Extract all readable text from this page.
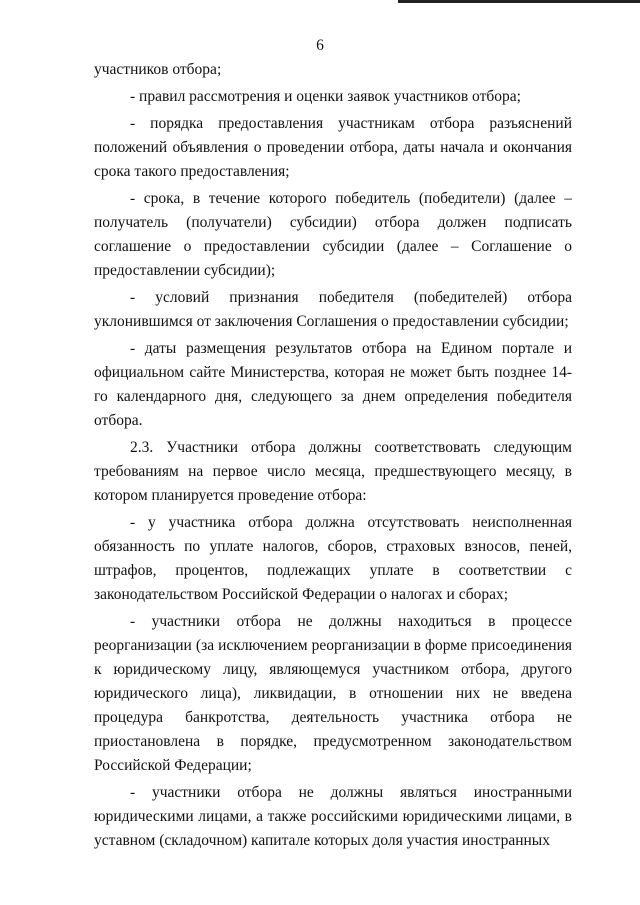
6

участников отбора;

- правил рассмотрения и оценки заявок участников отбора;

- порядка предоставления участникам отбора разъяснений положений объявления о проведении отбора, даты начала и окончания срока такого предоставления;

- срока, в течение которого победитель (победители) (далее – получатель (получатели) субсидии) отбора должен подписать соглашение о предоставлении субсидии (далее – Соглашение о предоставлении субсидии);

- условий признания победителя (победителей) отбора уклонившимся от заключения Соглашения о предоставлении субсидии;

- даты размещения результатов отбора на Едином портале и официальном сайте Министерства, которая не может быть позднее 14-го календарного дня, следующего за днем определения победителя отбора.

2.3. Участники отбора должны соответствовать следующим требованиям на первое число месяца, предшествующего месяцу, в котором планируется проведение отбора:

- у участника отбора должна отсутствовать неисполненная обязанность по уплате налогов, сборов, страховых взносов, пеней, штрафов, процентов, подлежащих уплате в соответствии с законодательством Российской Федерации о налогах и сборах;

- участники отбора не должны находиться в процессе реорганизации (за исключением реорганизации в форме присоединения к юридическому лицу, являющемуся участником отбора, другого юридического лица), ликвидации, в отношении них не введена процедура банкротства, деятельность участника отбора не приостановлена в порядке, предусмотренном законодательством Российской Федерации;

- участники отбора не должны являться иностранными юридическими лицами, а также российскими юридическими лицами, в уставном (складочном) капитале которых доля участия иностранных
